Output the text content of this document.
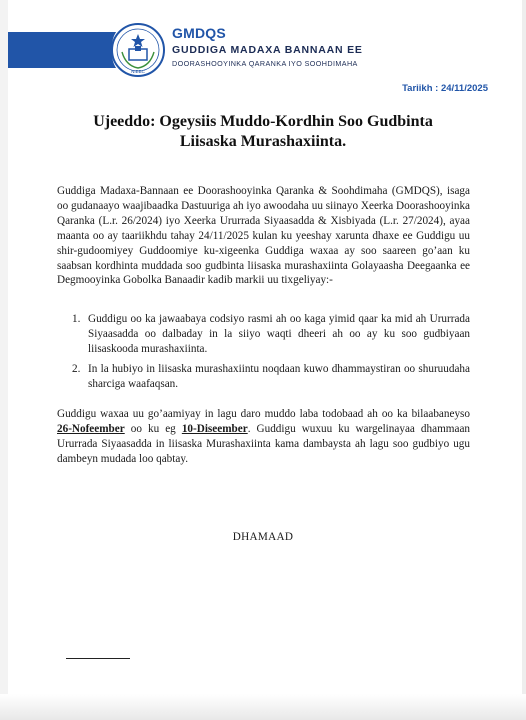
NIEBC
GMDQS
GUDDIGA MADAXA BANNAAN EE
DOORASHOOYINKA QARANKA IYO SOOHDIMAHA
Tariikh : 24/11/2025
Ujeeddo: Ogeysiis Muddo-Kordhin Soo Gudbinta
Liisaska Murashaxiinta.
Guddiga Madaxa-Bannaan ee Doorashooyinka Qaranka & Soohdimaha (GMDQS), isaga oo gudanaayo waajibaadka Dastuuriga ah iyo awoodaha uu siinayo Xeerka Doorashooyinka Qaranka (L.r. 26/2024) iyo Xeerka Ururrada Siyaasadda & Xisbiyada (L.r. 27/2024), ayaa maanta oo ay taariikhdu tahay 24/11/2025 kulan ku yeeshay xarunta dhaxe ee Guddigu uu shir-gudoomiyey Guddoomiye ku-xigeenka Guddiga waxaa ay soo saareen go’aan ku saabsan kordhinta muddada soo gudbinta liisaska murashaxiinta Golayaasha Deegaanka ee Degmooyinka Gobolka Banaadir kadib markii uu tixgeliyay:-
1. Guddigu oo ka jawaabaya codsiyo rasmi ah oo kaga yimid qaar ka mid ah Ururrada Siyaasadda oo dalbaday in la siiyo waqti dheeri ah oo ay ku soo gudbiyaan liisaskooda murashaxiinta.
2. In la hubiyo in liisaska murashaxiintu noqdaan kuwo dhammaystiran oo shuruudaha sharciga waafaqsan.
Guddigu waxaa uu go’aamiyay in lagu daro muddo laba todobaad ah oo ka bilaabaneyso 26-Nofeember oo ku eg 10-Diseember. Guddigu wuxuu ku wargelinayaa dhammaan Ururrada Siyaasadda in liisaska Murashaxiinta kama dambaysta ah lagu soo gudbiyo ugu dambeyn mudada loo qabtay.
DHAMAAD
